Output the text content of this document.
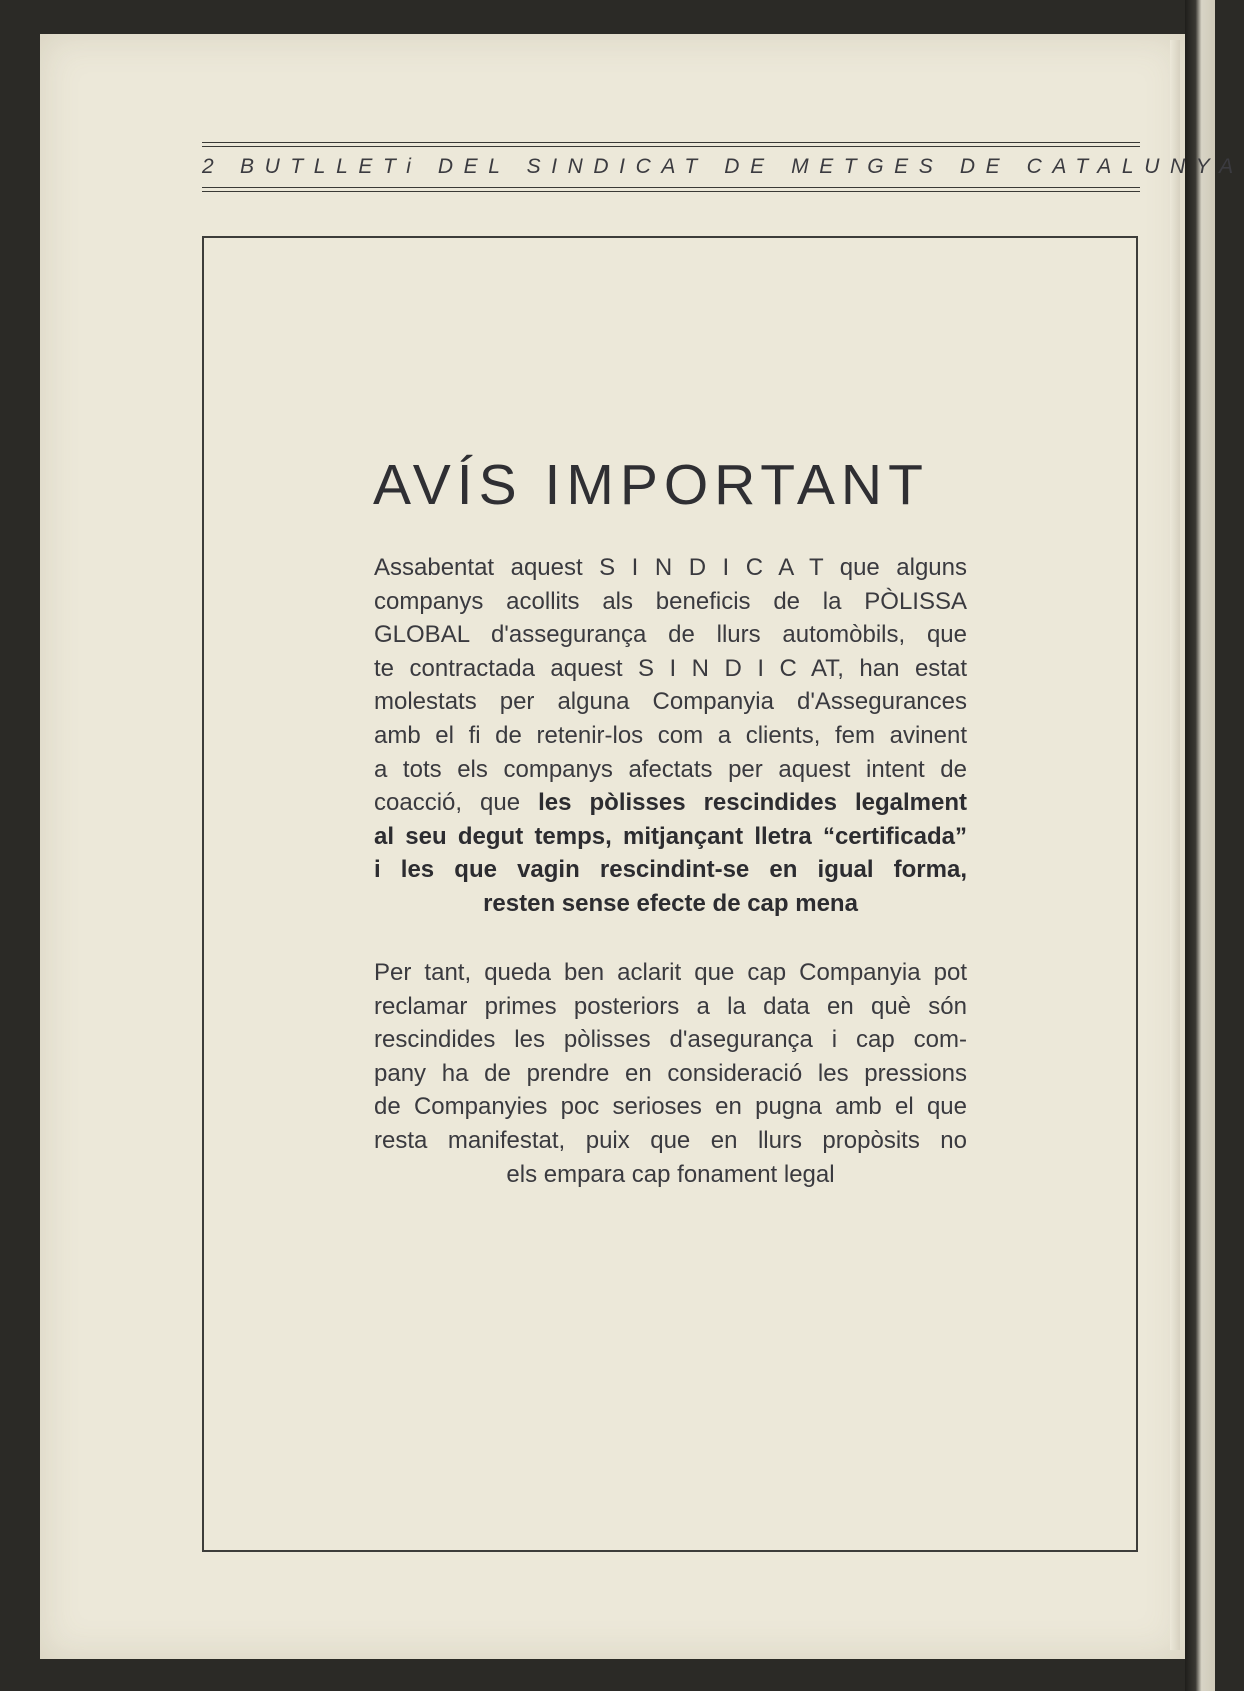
2	BUTLLETi DEL SINDICAT DE METGES DE CATALUNYA
AVÍS IMPORTANT
Assabentat aquest S I N D I C A T que alguns
companys acollits als beneficis de la PÒLISSA
GLOBAL d'assegurança de llurs automòbils, que
te contractada aquest S I N D I C AT, han estat
molestats per alguna Companyia d'Assegurances
amb el fi de retenir-los com a clients, fem avinent
a tots els companys afectats per aquest intent de
coacció, que les pòlisses rescindides legalment
al seu degut temps, mitjançant lletra “certificada”
i les que vagin rescindint-se en igual forma,
resten sense efecte de cap mena
Per tant, queda ben aclarit que cap Companyia pot
reclamar primes posteriors a la data en què són
rescindides les pòlisses d'asegurança i cap com-
pany ha de prendre en consideració les pressions
de Companyies poc serioses en pugna amb el que
resta manifestat, puix que en llurs propòsits no
els empara cap fonament legal
